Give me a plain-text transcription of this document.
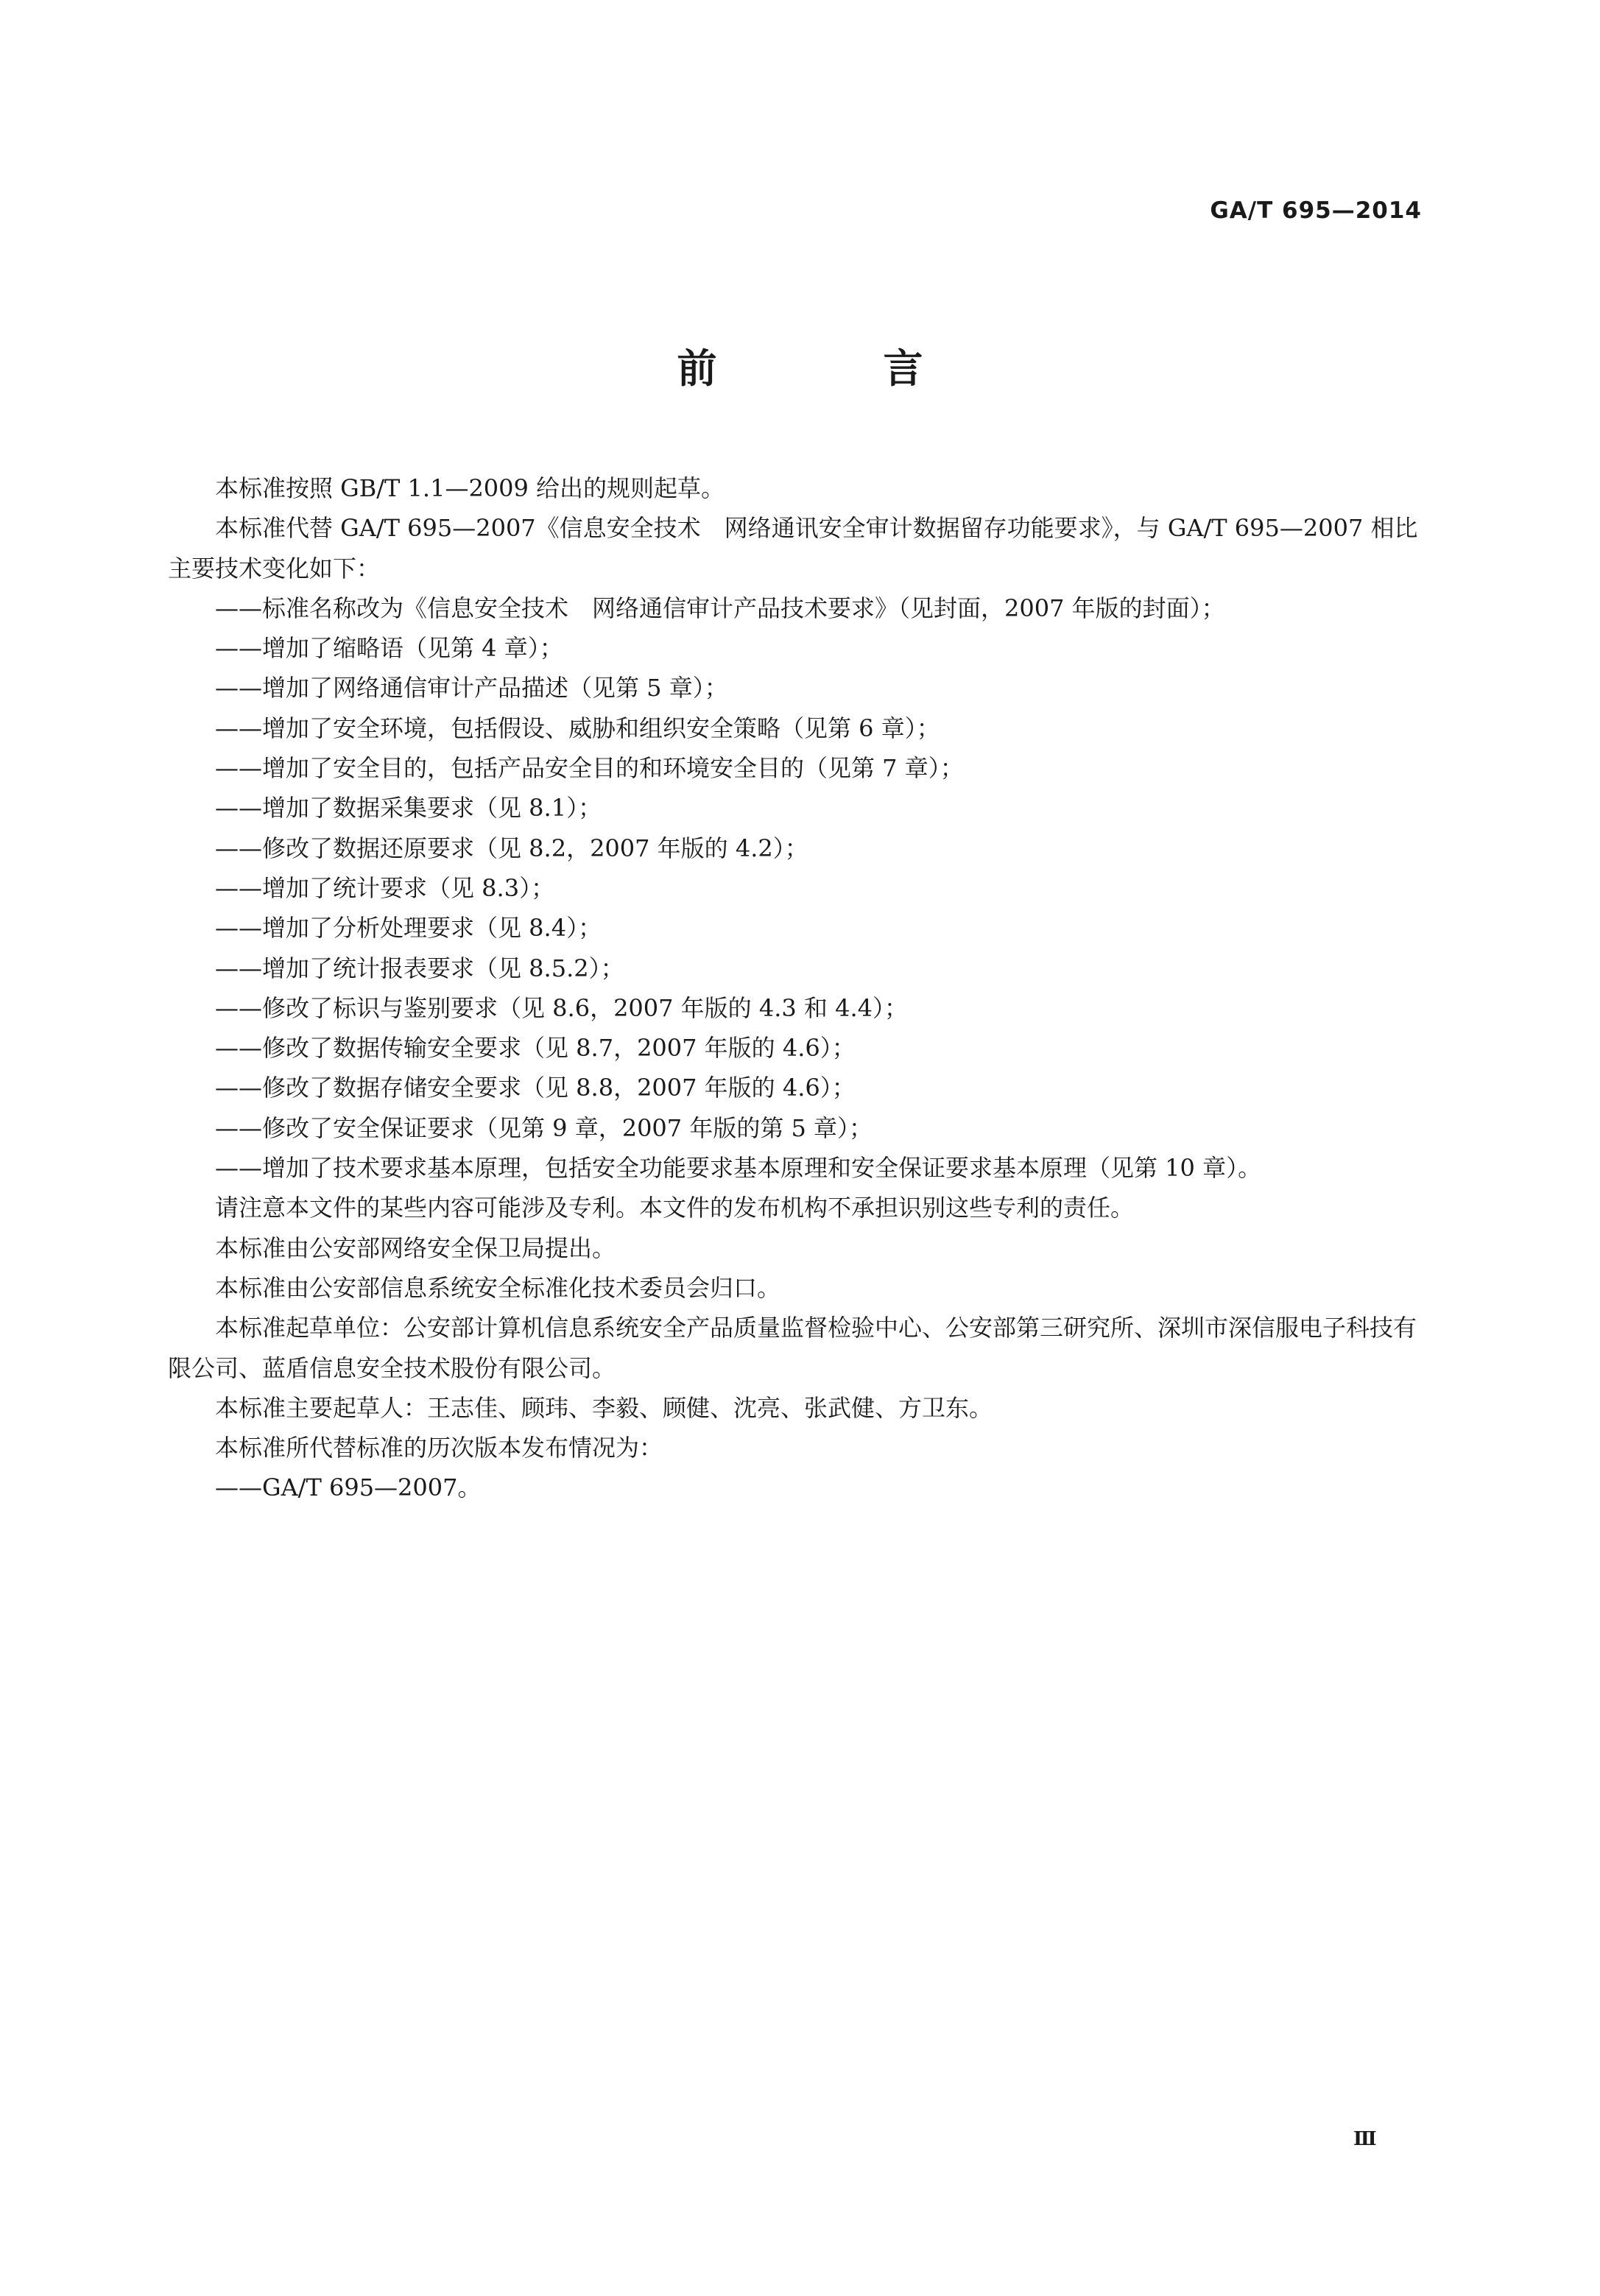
GA/T 695—2014
前　言

本标准按照 GB/T 1.1—2009 给出的规则起草。

本标准代替 GA/T 695—2007《信息安全技术　网络通讯安全审计数据留存功能要求》，与 GA/T 695—2007 相比主要技术变化如下：

——标准名称改为《信息安全技术　网络通信审计产品技术要求》（见封面，2007 年版的封面）；

——增加了缩略语（见第 4 章）；

——增加了网络通信审计产品描述（见第 5 章）；

——增加了安全环境，包括假设、威胁和组织安全策略（见第 6 章）；

——增加了安全目的，包括产品安全目的和环境安全目的（见第 7 章）；

——增加了数据采集要求（见 8.1）；

——修改了数据还原要求（见 8.2，2007 年版的 4.2）；

——增加了统计要求（见 8.3）；

——增加了分析处理要求（见 8.4）；

——增加了统计报表要求（见 8.5.2）；

——修改了标识与鉴别要求（见 8.6，2007 年版的 4.3 和 4.4）；

——修改了数据传输安全要求（见 8.7，2007 年版的 4.6）；

——修改了数据存储安全要求（见 8.8，2007 年版的 4.6）；

——修改了安全保证要求（见第 9 章，2007 年版的第 5 章）；

——增加了技术要求基本原理，包括安全功能要求基本原理和安全保证要求基本原理（见第 10 章）。

请注意本文件的某些内容可能涉及专利。本文件的发布机构不承担识别这些专利的责任。

本标准由公安部网络安全保卫局提出。

本标准由公安部信息系统安全标准化技术委员会归口。

本标准起草单位：公安部计算机信息系统安全产品质量监督检验中心、公安部第三研究所、深圳市深信服电子科技有限公司、蓝盾信息安全技术股份有限公司。

本标准主要起草人：王志佳、顾玮、李毅、顾健、沈亮、张武健、方卫东。

本标准所代替标准的历次版本发布情况为：

——GA/T 695—2007。

Ⅲ
